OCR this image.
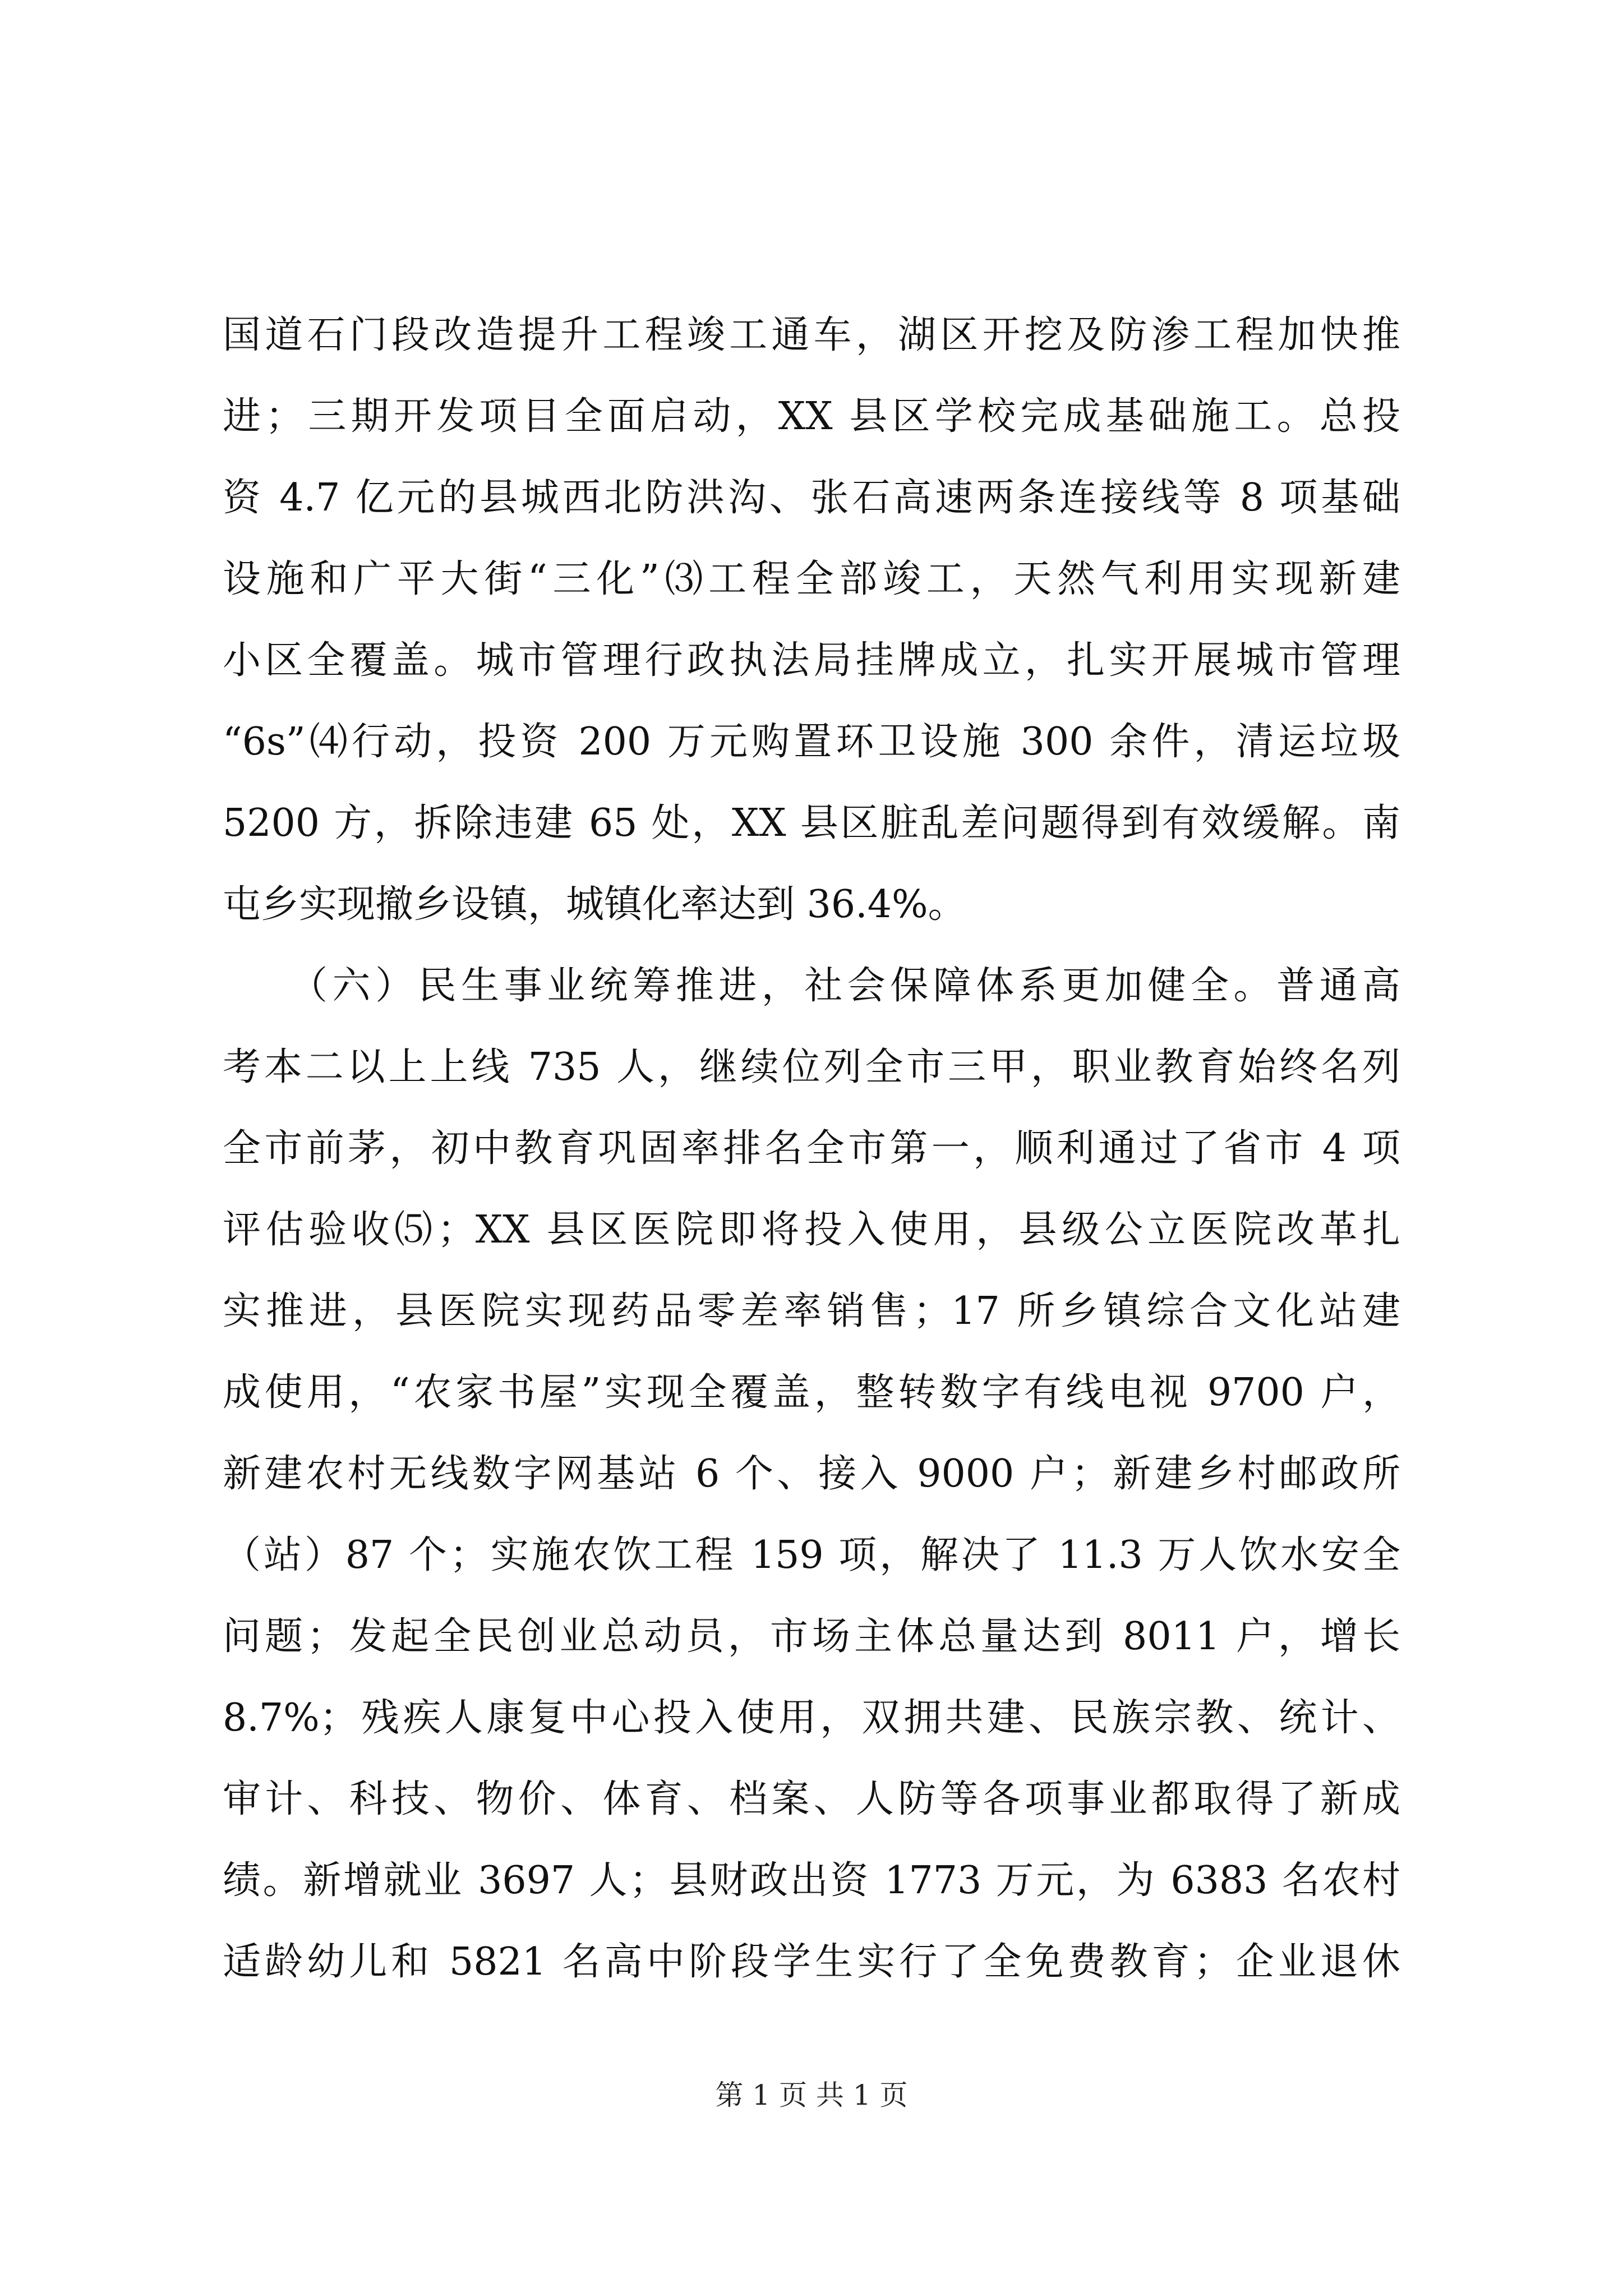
国道石门段改造提升工程竣工通车，湖区开挖及防渗工程加快推
进；三期开发项目全面启动，XX 县区学校完成基础施工。总投
资 4.7 亿元的县城西北防洪沟、张石高速两条连接线等 8 项基础
设施和广平大街“三化”⑶工程全部竣工，天然气利用实现新建
小区全覆盖。城市管理行政执法局挂牌成立，扎实开展城市管理
“6s”⑷行动，投资 200 万元购置环卫设施 300 余件，清运垃圾
5200 方，拆除违建 65 处，XX 县区脏乱差问题得到有效缓解。南
屯乡实现撤乡设镇，城镇化率达到 36.4%。
　　（六）民生事业统筹推进，社会保障体系更加健全。普通高
考本二以上上线 735 人，继续位列全市三甲，职业教育始终名列
全市前茅，初中教育巩固率排名全市第一，顺利通过了省市 4 项
评估验收⑸；XX 县区医院即将投入使用，县级公立医院改革扎
实推进，县医院实现药品零差率销售；17 所乡镇综合文化站建
成使用，“农家书屋”实现全覆盖，整转数字有线电视 9700 户，
新建农村无线数字网基站 6 个、接入 9000 户；新建乡村邮政所
（站）87 个；实施农饮工程 159 项，解决了 11.3 万人饮水安全
问题；发起全民创业总动员，市场主体总量达到 8011 户，增长
8.7%；残疾人康复中心投入使用，双拥共建、民族宗教、统计、
审计、科技、物价、体育、档案、人防等各项事业都取得了新成
绩。新增就业 3697 人；县财政出资 1773 万元，为 6383 名农村
适龄幼儿和 5821 名高中阶段学生实行了全免费教育；企业退休
第 1 页 共 1 页
